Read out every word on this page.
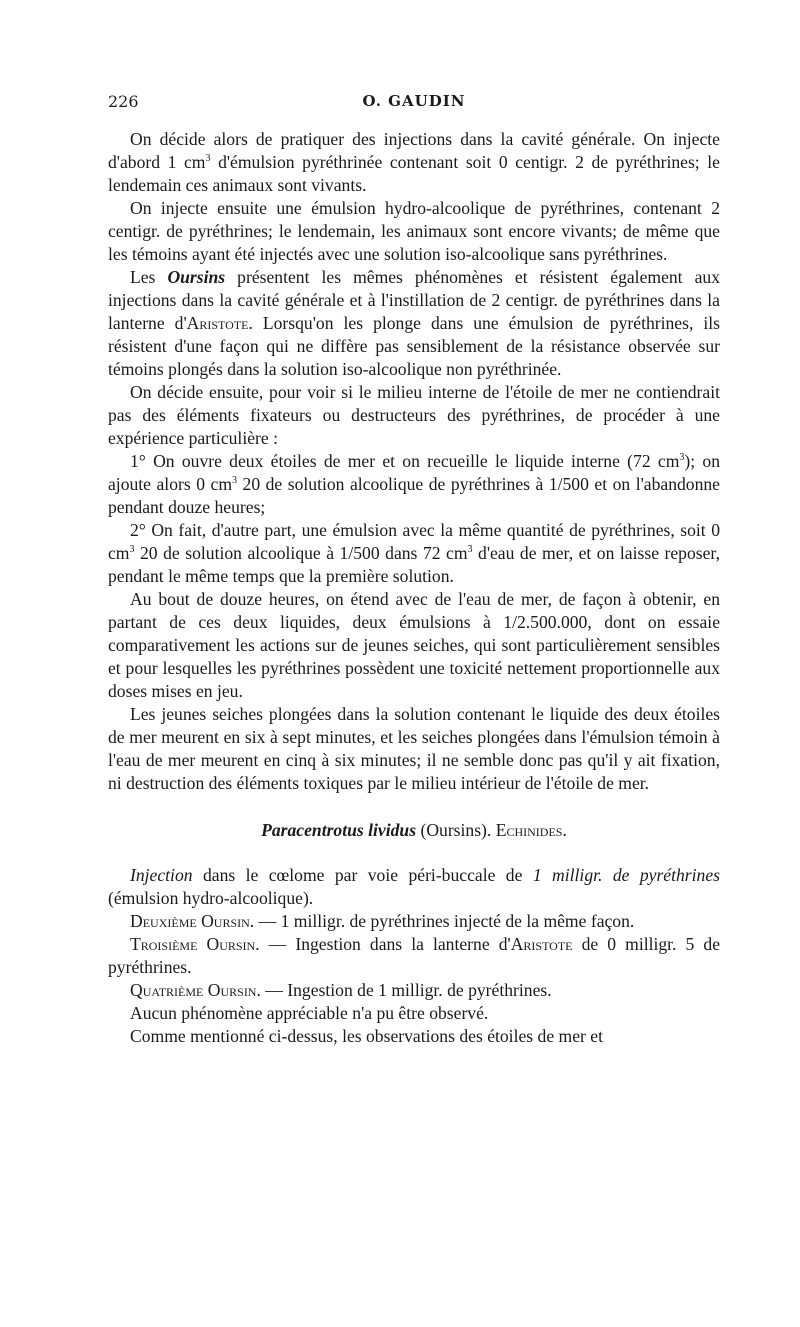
226	O. GAUDIN

On décide alors de pratiquer des injections dans la cavité générale. On injecte d'abord 1 $cm^3$ d'émulsion pyréthrinée contenant soit 0 centigr. 2 de pyréthrines; le lendemain ces animaux sont vivants.

On injecte ensuite une émulsion hydro-alcoolique de pyréthrines, contenant 2 centigr. de pyréthrines; le lendemain, les animaux sont encore vivants; de même que les témoins ayant été injectés avec une solution iso-alcoolique sans pyréthrines.

Les Oursins présentent les mêmes phénomènes et résistent également aux injections dans la cavité générale et à l'instillation de 2 centigr. de pyréthrines dans la lanterne d'Aristote. Lorsqu'on les plonge dans une émulsion de pyréthrines, ils résistent d'une façon qui ne diffère pas sensiblement de la résistance observée sur témoins plongés dans la solution iso-alcoolique non pyréthrinée.

On décide ensuite, pour voir si le milieu interne de l'étoile de mer ne contiendrait pas des éléments fixateurs ou destructeurs des pyréthrines, de procéder à une expérience particulière :

1° On ouvre deux étoiles de mer et on recueille le liquide interne (72 $cm^3$); on ajoute alors 0 $cm^3$ 20 de solution alcoolique de pyréthrines à 1/500 et on l'abandonne pendant douze heures;

2° On fait, d'autre part, une émulsion avec la même quantité de pyréthrines, soit 0 $cm^3$ 20 de solution alcoolique à 1/500 dans 72 $cm^3$ d'eau de mer, et on laisse reposer, pendant le même temps que la première solution.

Au bout de douze heures, on étend avec de l'eau de mer, de façon à obtenir, en partant de ces deux liquides, deux émulsions à 1/2.500.000, dont on essaie comparativement les actions sur de jeunes seiches, qui sont particulièrement sensibles et pour lesquelles les pyréthrines possèdent une toxicité nettement proportionnelle aux doses mises en jeu.

Les jeunes seiches plongées dans la solution contenant le liquide des deux étoiles de mer meurent en six à sept minutes, et les seiches plongées dans l'émulsion témoin à l'eau de mer meurent en cinq à six minutes; il ne semble donc pas qu'il y ait fixation, ni destruction des éléments toxiques par le milieu intérieur de l'étoile de mer.

Paracentrotus lividus (Oursins). Echinides.

Injection dans le cœlome par voie péri-buccale de 1 milligr. de pyréthrines (émulsion hydro-alcoolique).

Deuxième Oursin. — 1 milligr. de pyréthrines injecté de la même façon.

Troisième Oursin. — Ingestion dans la lanterne d'Aristote de 0 milligr. 5 de pyréthrines.

Quatrième Oursin. — Ingestion de 1 milligr. de pyréthrines.

Aucun phénomène appréciable n'a pu être observé.

Comme mentionné ci-dessus, les observations des étoiles de mer et
